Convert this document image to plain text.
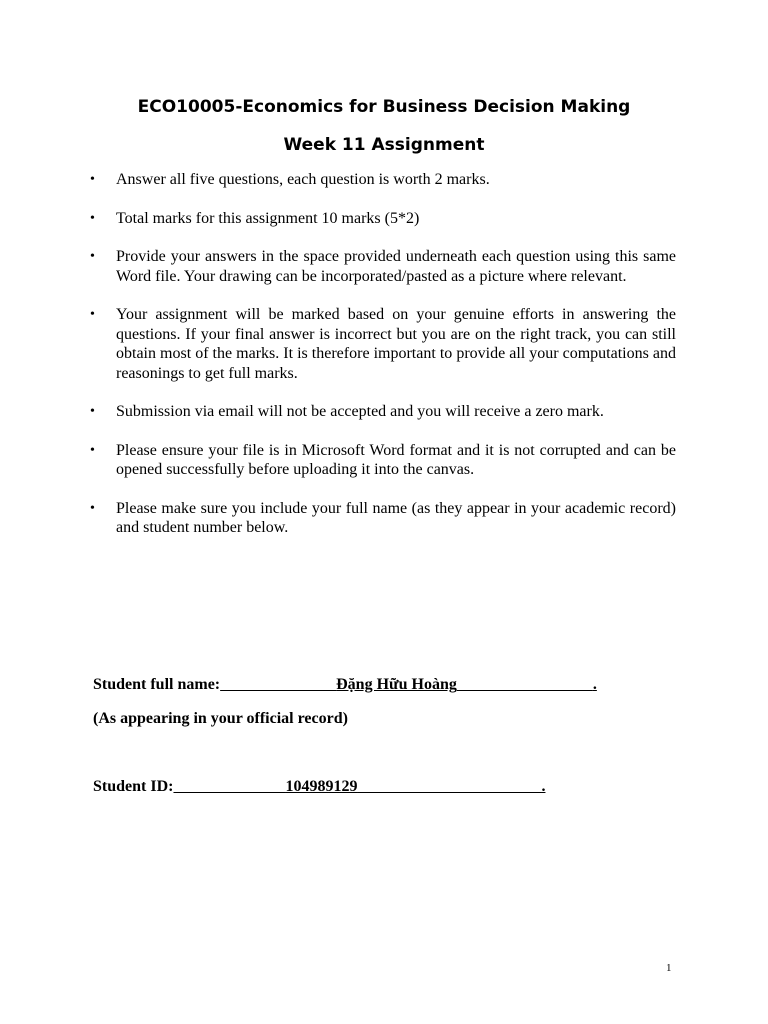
ECO10005-Economics for Business Decision Making
Week 11 Assignment
• Answer all five questions, each question is worth 2 marks.
• Total marks for this assignment 10 marks (5*2)
• Provide your answers in the space provided underneath each question using this same Word file. Your drawing can be incorporated/pasted as a picture where relevant.
• Your assignment will be marked based on your genuine efforts in answering the questions. If your final answer is incorrect but you are on the right track, you can still obtain most of the marks. It is therefore important to provide all your computations and reasonings to get full marks.
• Submission via email will not be accepted and you will receive a zero mark.
• Please ensure your file is in Microsoft Word format and it is not corrupted and can be opened successfully before uploading it into the canvas.
• Please make sure you include your full name (as they appear in your academic record) and student number below.
Student full name:	Đặng Hữu Hoàng	.
(As appearing in your official record)
Student ID:	104989129	.
1
